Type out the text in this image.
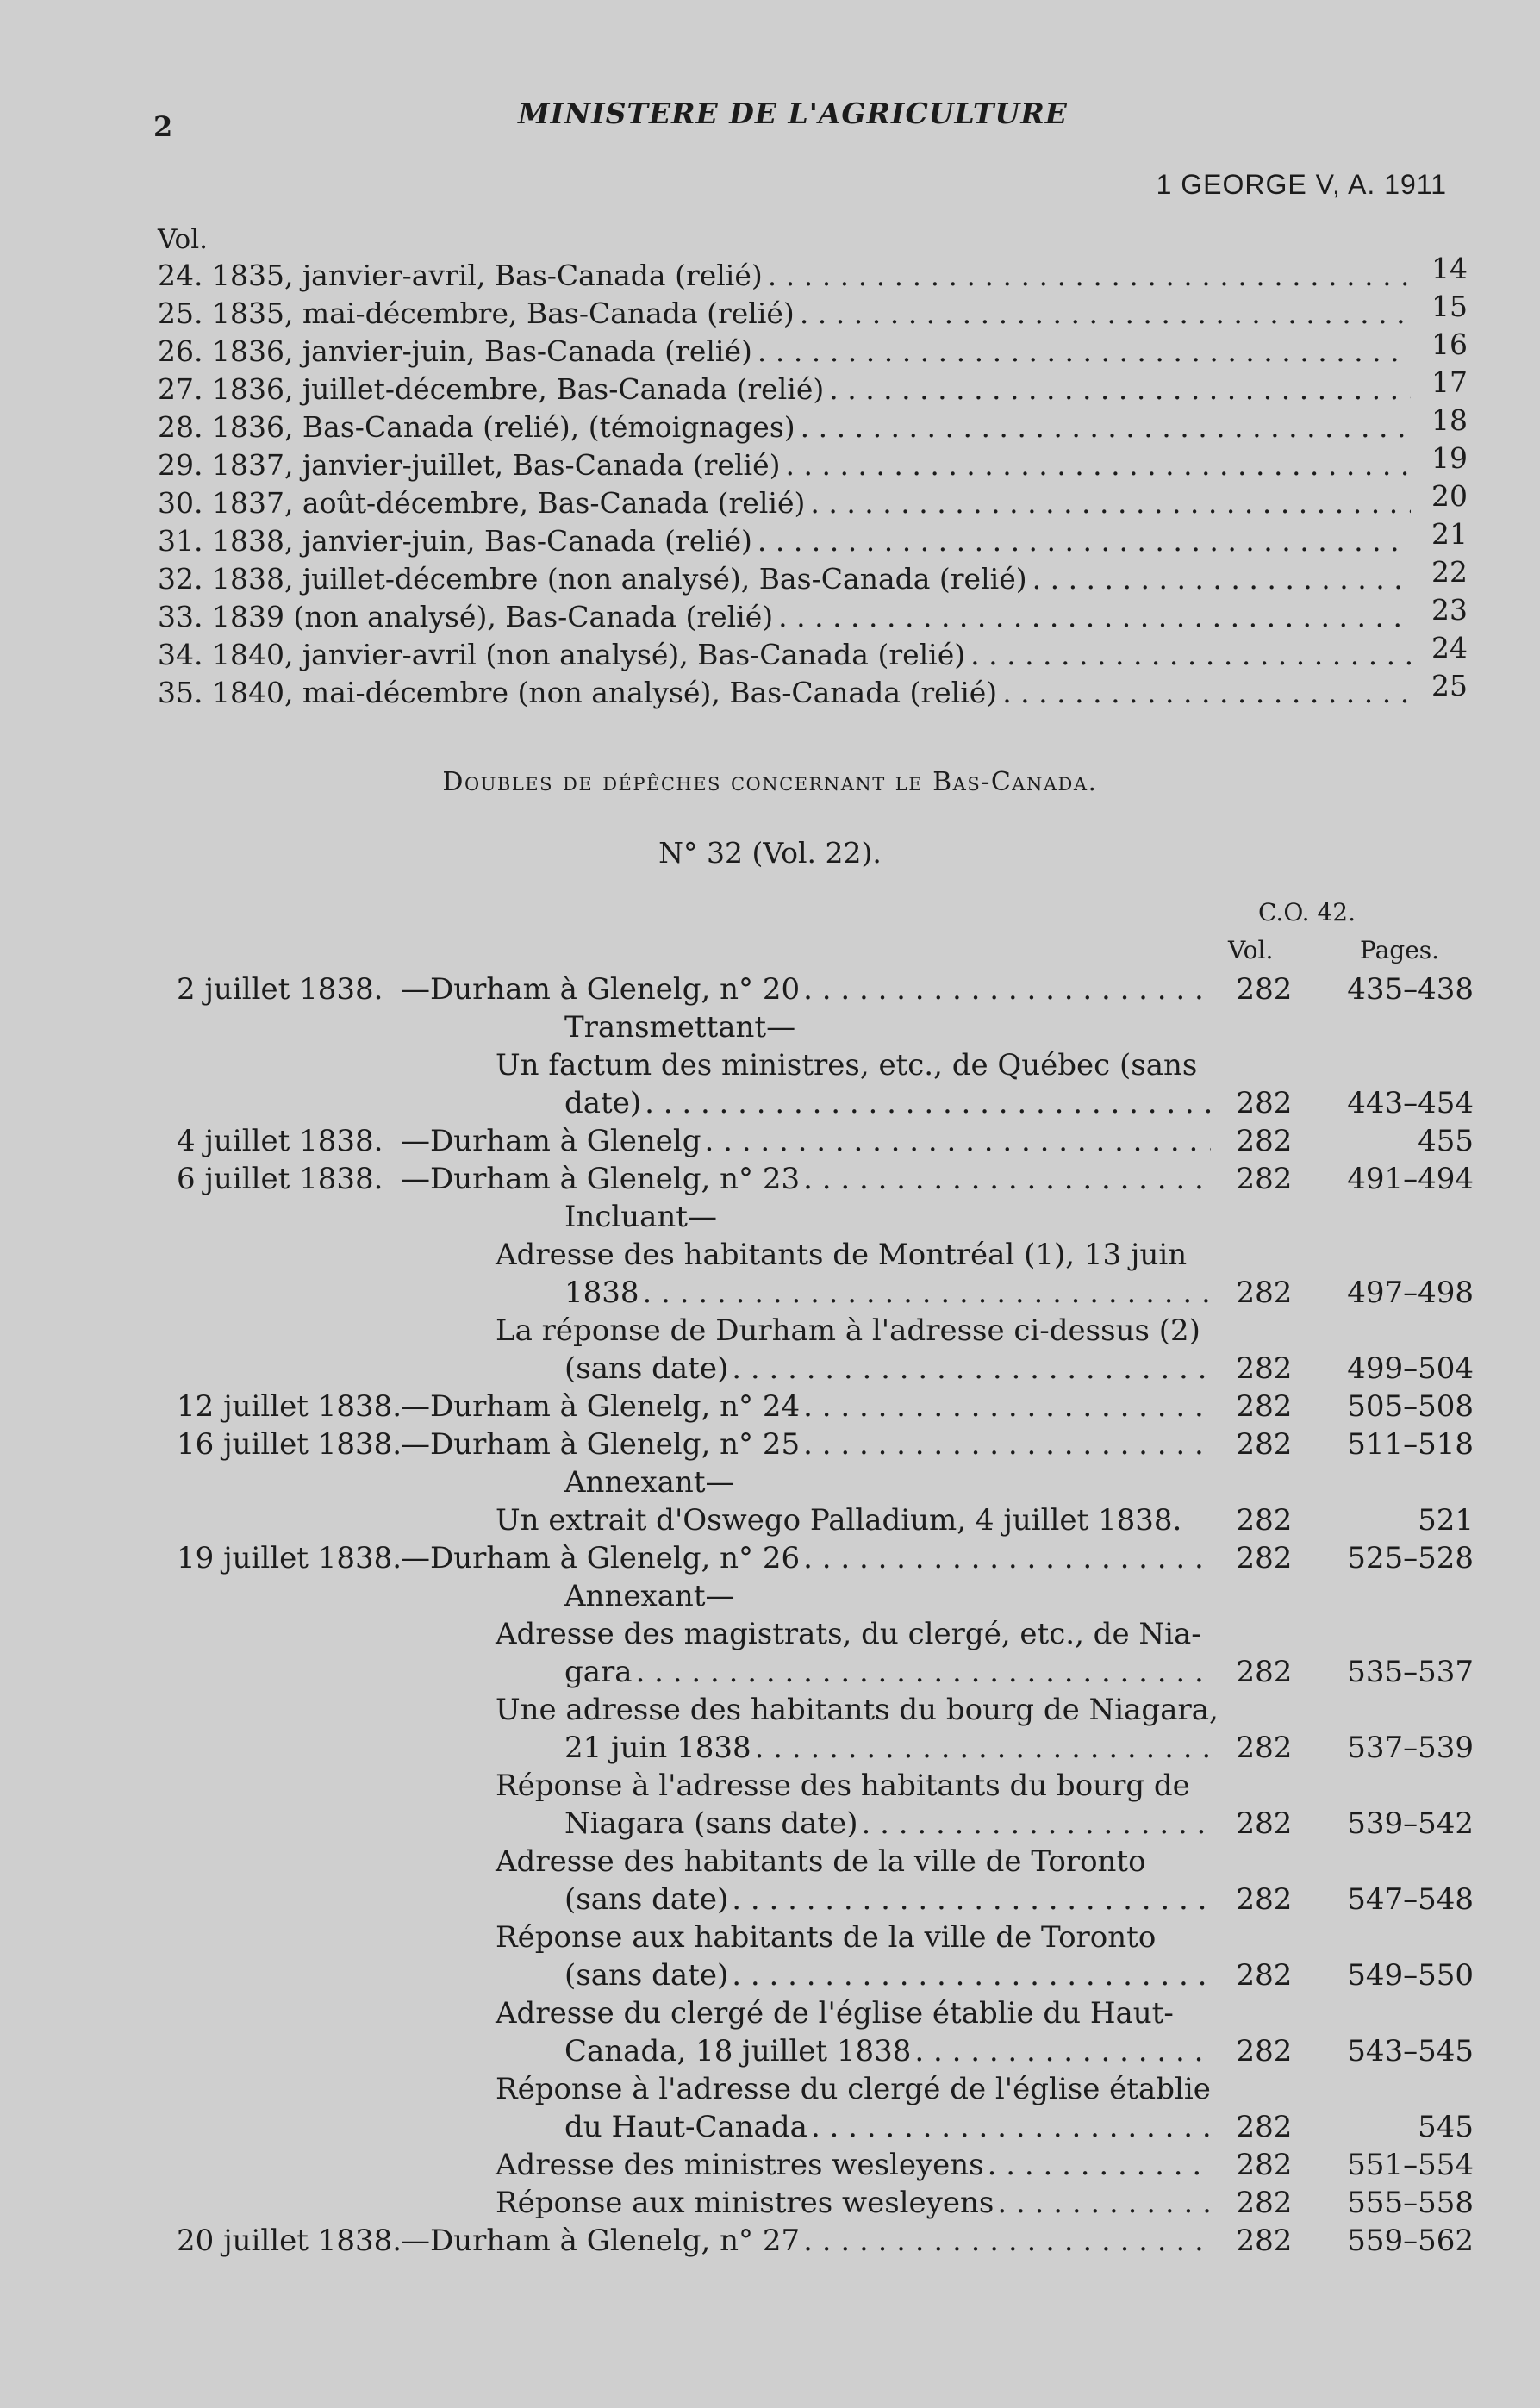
2	MINISTERE DE L'AGRICULTURE
1 GEORGE V, A. 1911
Vol.
24. 1835, janvier-avril, Bas-Canada (relié) . . .	14
25. 1835, mai-décembre, Bas-Canada (relié) . . .	15
26. 1836, janvier-juin, Bas-Canada (relié) . . .	16
27. 1836, juillet-décembre, Bas-Canada (relié) . . .	17
28. 1836, Bas-Canada (relié), (témoignages) . . .	18
29. 1837, janvier-juillet, Bas-Canada (relié) . . .	19
30. 1837, août-décembre, Bas-Canada (relié) . . .	20
31. 1838, janvier-juin, Bas-Canada (relié) . . .	21
32. 1838, juillet-décembre (non analysé), Bas-Canada (relié) . . .	22
33. 1839 (non analysé), Bas-Canada (relié) . . .	23
34. 1840, janvier-avril (non analysé), Bas-Canada (relié) . . .	24
35. 1840, mai-décembre (non analysé), Bas-Canada (relié) . . .	25
Doubles de dépêches concernant le Bas-Canada.
N° 32 (Vol. 22).
C.O. 42.
Vol.	Pages.
2 juillet 1838. —Durham à Glenelg, n° 20 . . .	282 435–438
Transmettant—
Un factum des ministres, etc., de Québec (sans
date) . . .	282 443–454
4 juillet 1838. —Durham à Glenelg . . .	282	455
6 juillet 1838. —Durham à Glenelg, n° 23 . . .	282 491–494
Incluant—
Adresse des habitants de Montréal (1), 13 juin
1838 . . .	282 497–498
La réponse de Durham à l'adresse ci-dessus (2)
(sans date) . . .	282 499–504
12 juillet 1838.
—Durham à Glenelg, n° 24 . . .	282 505–508
16 juillet 1838.
—Durham à Glenelg, n° 25 . . .	282 511–518
Annexant—
Un extrait d'Oswego Palladium, 4 juillet 1838. 282	521
19 juillet 1838.
—Durham à Glenelg, n° 26 . . .	282 525–528
Annexant—
Adresse des magistrats, du clergé, etc., de Nia-
gara . . .	282 535–537
Une adresse des habitants du bourg de Niagara,
21 juin 1838 . . .	282 537–539
Réponse à l'adresse des habitants du bourg de
Niagara (sans date) . . .	282 539–542
Adresse des habitants de la ville de Toronto
(sans date) . . .	282 547–548
Réponse aux habitants de la ville de Toronto
(sans date) . . .	282 549–550
Adresse du clergé de l'église établie du Haut-
Canada, 18 juillet 1838 . . .	282 543–545
Réponse à l'adresse du clergé de l'église établie
du Haut-Canada . . .	282	545
Adresse des ministres wesleyens . . .	282 551–554
Réponse aux ministres wesleyens . . .	282 555–558
20 juillet 1838.
—Durham à Glenelg, n° 27 . . .	282 559–562
